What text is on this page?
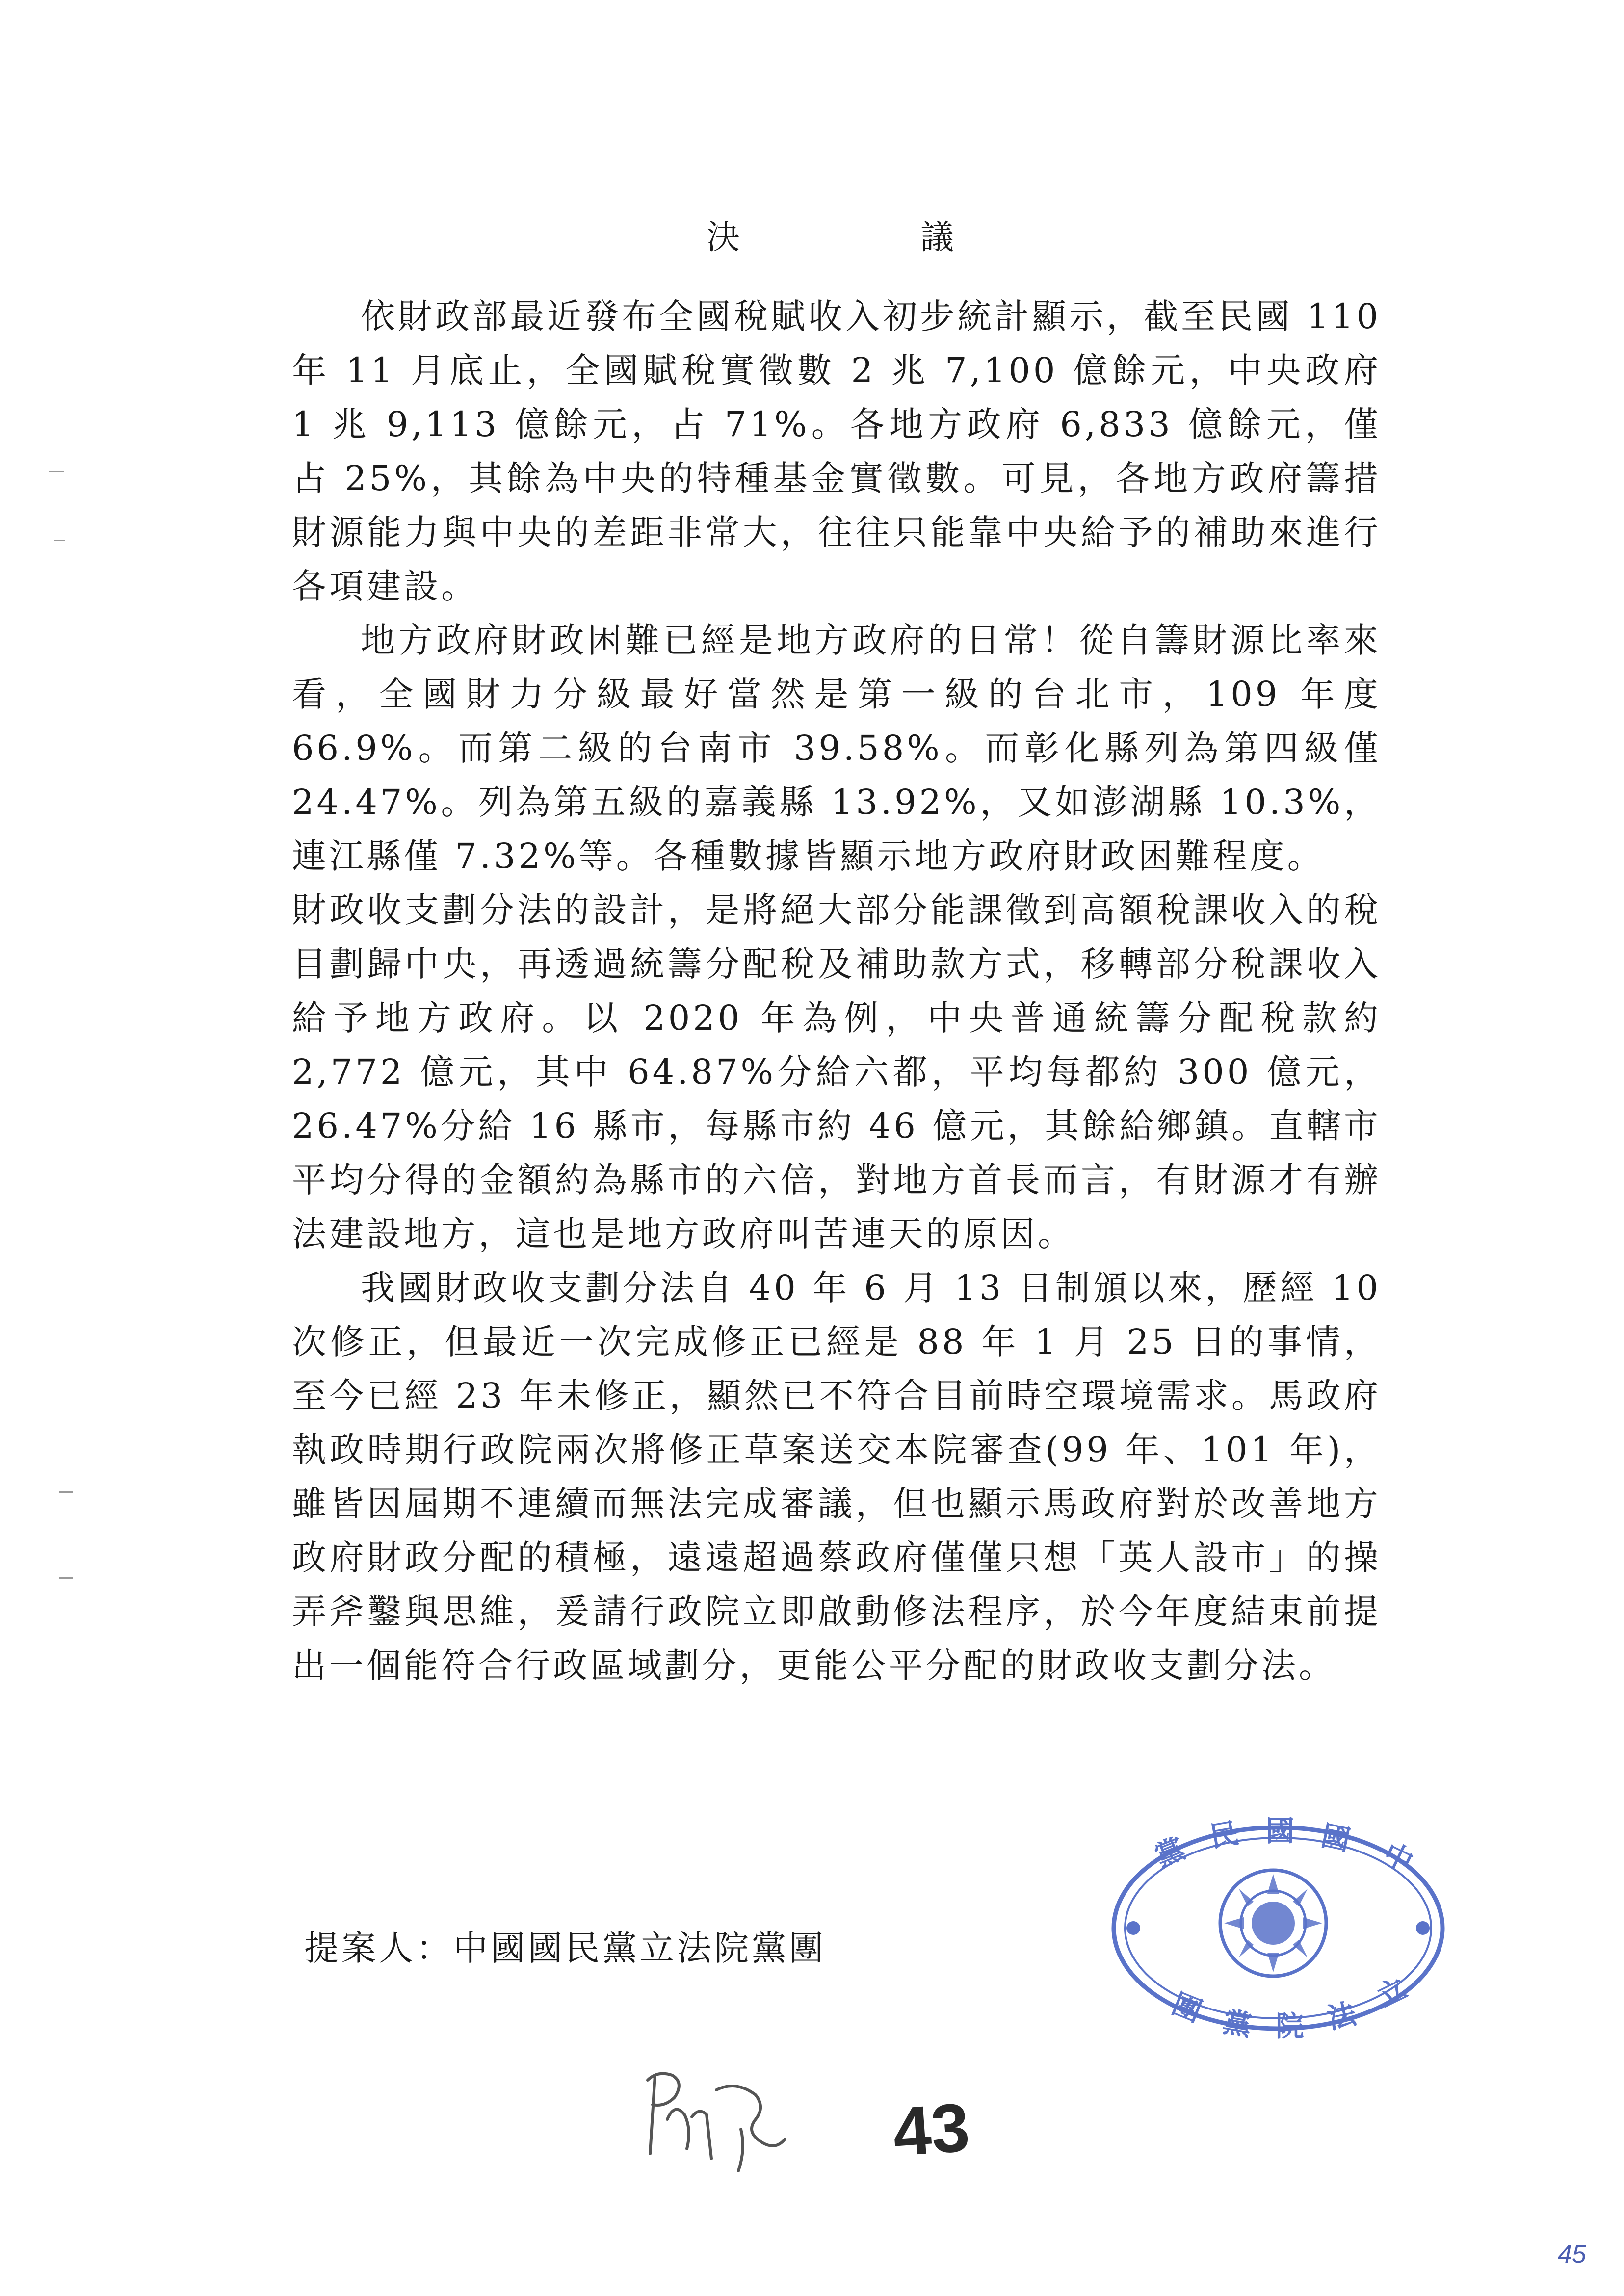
決　議

依財政部最近發布全國稅賦收入初步統計顯示，截至民國 110 年 11 月底止，全國賦稅實徵數 2 兆 7,100 億餘元，中央政府 1 兆 9,113 億餘元，占 71%。各地方政府 6,833 億餘元，僅占 25%，其餘為中央的特種基金實徵數。可見，各地方政府籌措財源能力與中央的差距非常大，往往只能靠中央給予的補助來進行各項建設。

地方政府財政困難已經是地方政府的日常！從自籌財源比率來看，全國財力分級最好當然是第一級的台北市，109 年度 66.9%。而第二級的台南市 39.58%。而彰化縣列為第四級僅 24.47%。列為第五級的嘉義縣 13.92%，又如澎湖縣 10.3%，連江縣僅 7.32%等。各種數據皆顯示地方政府財政困難程度。

財政收支劃分法的設計，是將絕大部分能課徵到高額稅課收入的稅目劃歸中央，再透過統籌分配稅及補助款方式，移轉部分稅課收入給予地方政府。以 2020 年為例，中央普通統籌分配稅款約 2,772 億元，其中 64.87%分給六都，平均每都約 300 億元，26.47%分給 16 縣市，每縣市約 46 億元，其餘給鄉鎮。直轄市平均分得的金額約為縣市的六倍，對地方首長而言，有財源才有辦法建設地方，這也是地方政府叫苦連天的原因。

我國財政收支劃分法自 40 年 6 月 13 日制頒以來，歷經 10 次修正，但最近一次完成修正已經是 88 年 1 月 25 日的事情，至今已經 23 年未修正，顯然已不符合目前時空環境需求。馬政府執政時期行政院兩次將修正草案送交本院審查(99 年、101 年)，雖皆因屆期不連續而無法完成審議，但也顯示馬政府對於改善地方政府財政分配的積極，遠遠超過蔡政府僅僅只想「英人設市」的操弄斧鑿與思維，爰請行政院立即啟動修法程序，於今年度結束前提出一個能符合行政區域劃分，更能公平分配的財政收支劃分法。

提案人：中國國民黨立法院黨團
黨 民 國 國 中
團 黨 院 法
立
43
45
